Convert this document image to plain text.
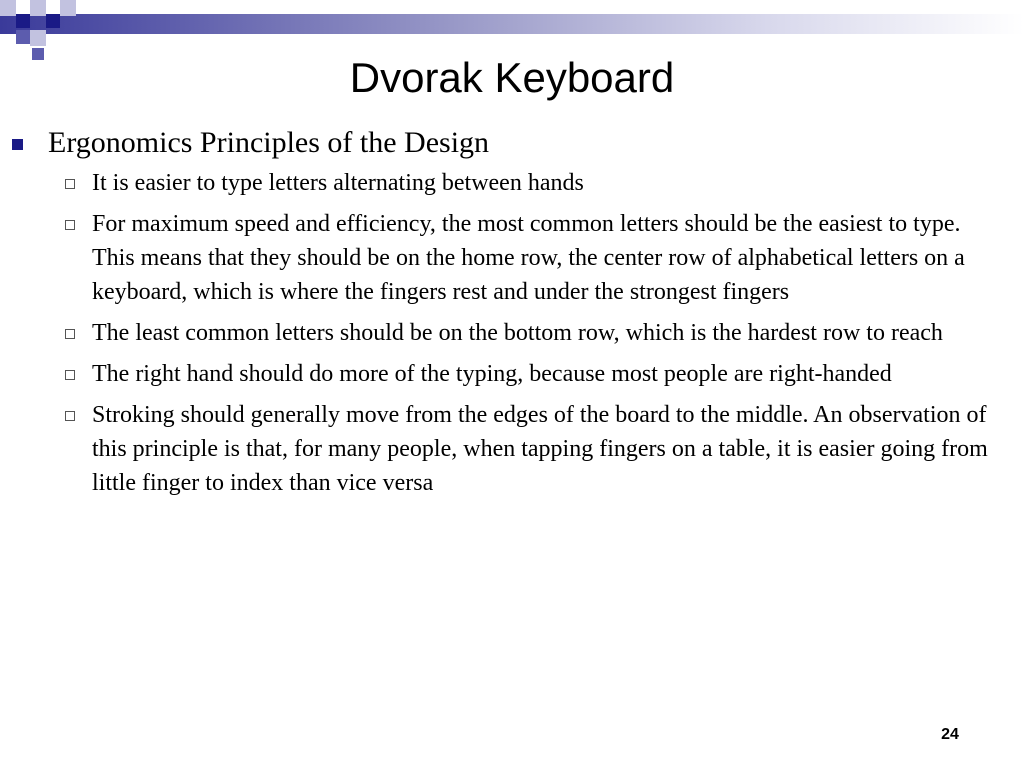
Dvorak Keyboard
Ergonomics Principles of the Design
It is easier to type letters alternating between hands
For maximum speed and efficiency, the most common letters should be the easiest to type. This means that they should be on the home row, the center row of alphabetical letters on a keyboard, which is where the fingers rest and under the strongest fingers
The least common letters should be on the bottom row, which is the hardest row to reach
The right hand should do more of the typing, because most people are right-handed
Stroking should generally move from the edges of the board to the middle. An observation of this principle is that, for many people, when tapping fingers on a table, it is easier going from little finger to index than vice versa
24
